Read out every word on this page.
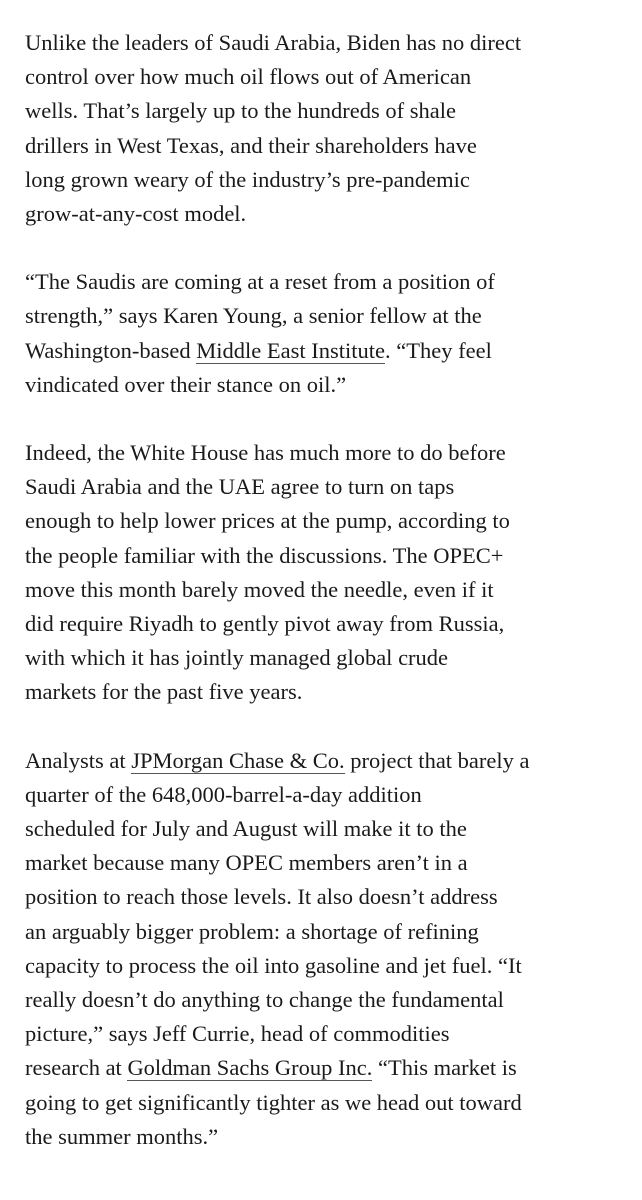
Unlike the leaders of Saudi Arabia, Biden has no direct
control over how much oil flows out of American
wells. That’s largely up to the hundreds of shale
drillers in West Texas, and their shareholders have
long grown weary of the industry’s pre-pandemic
grow-at-any-cost model.

“The Saudis are coming at a reset from a position of
strength,” says Karen Young, a senior fellow at the
Washington-based Middle East Institute. “They feel
vindicated over their stance on oil.”

Indeed, the White House has much more to do before
Saudi Arabia and the UAE agree to turn on taps
enough to help lower prices at the pump, according to
the people familiar with the discussions. The OPEC+
move this month barely moved the needle, even if it
did require Riyadh to gently pivot away from Russia,
with which it has jointly managed global crude
markets for the past five years.

Analysts at JPMorgan Chase & Co. project that barely a
quarter of the 648,000-barrel-a-day addition
scheduled for July and August will make it to the
market because many OPEC members aren’t in a
position to reach those levels. It also doesn’t address
an arguably bigger problem: a shortage of refining
capacity to process the oil into gasoline and jet fuel. “It
really doesn’t do anything to change the fundamental
picture,” says Jeff Currie, head of commodities
research at Goldman Sachs Group Inc. “This market is
going to get significantly tighter as we head out toward
the summer months.”
